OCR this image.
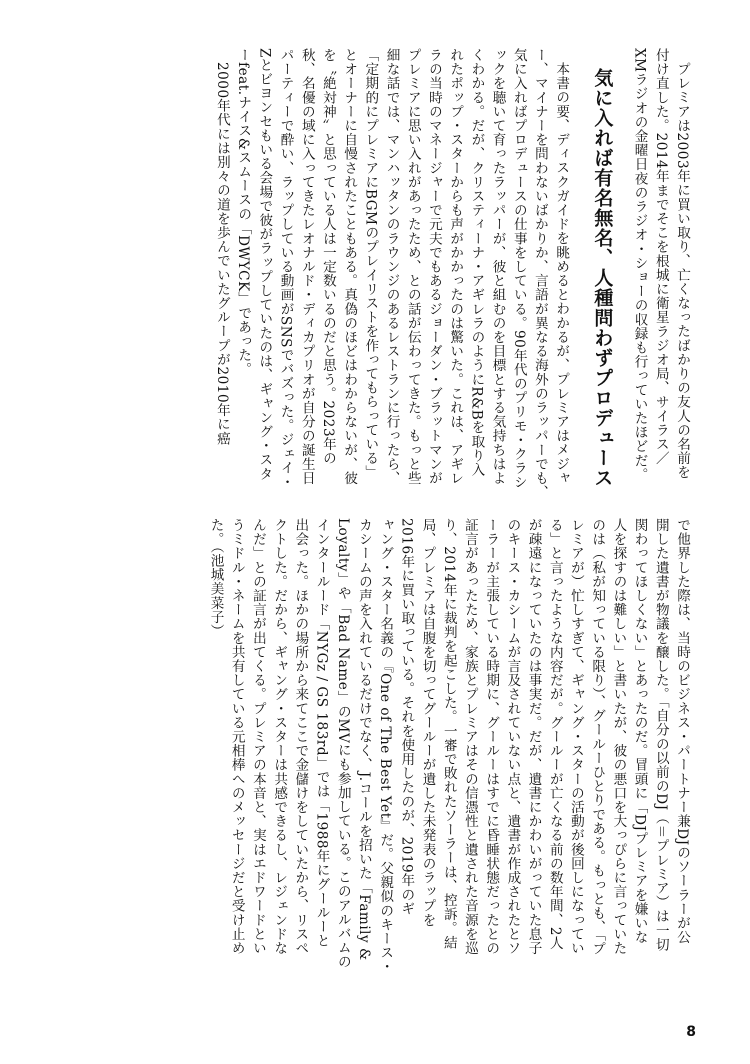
プレミアは2003年に買い取り、亡くなったばかりの友人の名前を
付け直した。2014年までそこを根城に衛星ラジオ局、サイラス／
XMラジオの金曜日夜のラジオ・ショーの収録も行っていたほどだ。
気に入れば有名無名、人種問わずプロデュース
本書の要、ディスクガイドを眺めるとわかるが、プレミアはメジャ
ー、マイナーを問わないばかりか、言語が異なる海外のラッパーでも、
気に入ればプロデュースの仕事をしている。90年代のプリモ・クラシ
ックを聴いて育ったラッパーが、彼と組むのを目標とする気持ちはよ
くわかる。だが、クリスティーナ・アギレラのようにR&Bを取り入
れたポップ・スターからも声がかかったのは驚いた。これは、アギレ
ラの当時のマネージャーで元夫でもあるジョーダン・ブラットマンが
プレミアに思い入れがあったため、との話が伝わってきた。もっと些
細な話では、マンハッタンのラウンジのあるレストランに行ったら、
「定期的にプレミアにBGMのプレイリストを作ってもらっている」
とオーナーに自慢されたこともある。真偽のほどはわからないが、彼
を〝絶対神〟と思っている人は一定数いるのだと思う。2023年の
秋、名優の域に入ってきたレオナルド・ディカプリオが自分の誕生日
パーティーで酔い、ラップしている動画がSNSでバズった。ジェイ・
Zとビヨンセもいる会場で彼がラップしていたのは、ギャング・スタ
ーfeat.ナイス&スムースの「DWYCK」であった。
2000年代には別々の道を歩んでいたグループが2010年に癌
で他界した際は、当時のビジネス・パートナー兼DJのソーラーが公
開した遺書が物議を醸した。「自分の以前のDJ（＝プレミア）は一切
関わってほしくない」とあったのだ。冒頭に「DJプレミアを嫌いな
人を探すのは難しい」と書いたが、彼の悪口を大っぴらに言っていた
のは（私が知っている限り）、グールーひとりである。もっとも、「プ
レミアが）忙しすぎて、ギャング・スターの活動が後回しになってい
る」と言ったような内容だが。グールーが亡くなる前の数年間、2人
が疎遠になっていたのは事実だ。だが、遺書にかわいがっていた息子
のキース・カシームが言及されていない点と、遺書が作成されたとソ
ーラーが主張している時期に、グールーはすでに昏睡状態だったとの
証言があったため、家族とプレミアはその信憑性と遺された音源を巡
り、2014年に裁判を起こした。一審で敗れたソーラーは、控訴。結
局、プレミアは自腹を切ってグールーが遺した未発表のラップを
2016年に買い取っている。それを使用したのが、2019年のギ
ャング・スター名義の『One of The Best Yet』だ。父親似のキース・
カシームの声を入れているだけでなく、J.コールを招いた「Family &
Loyalty」や「Bad Name」のMVにも参加している。このアルバムの
インタールード「NYGz / GS 183rd」では「1988年にグールーと
出会った。ほかの場所から来てここで金儲けをしていたから、リスペ
クトした。だから、ギャング・スターは共感できるし、レジェンドな
んだ」との証言が出てくる。プレミアの本音と、実はエドワードとい
うミドル・ネームを共有している元相棒へのメッセージだと受け止め
た。（池城美菜子）
8
